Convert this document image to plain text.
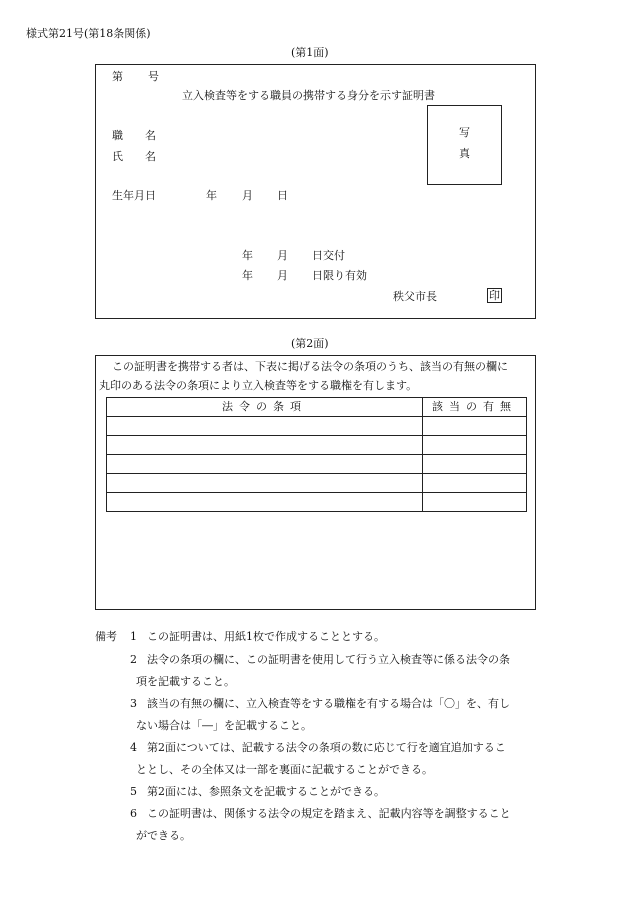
様式第21号(第18条関係)
(第1面)
第 号
立入検査等をする職員の携帯する身分を示す証明書
職　　名
氏　　名
写
真
生年月日	年 月 日
年 月 日交付
年 月 日限り有効
秩父市長	印
(第2面)
この証明書を携帯する者は、下表に掲げる法令の条項のうち、該当の有無の欄に
丸印のある法令の条項により立入検査等をする職権を有します。
法令の条項	該当の有無

備考 1 この証明書は、用紙1枚で作成することとする。
2 法令の条項の欄に、この証明書を使用して行う立入検査等に係る法令の条
項を記載すること。
3 該当の有無の欄に、立入検査等をする職権を有する場合は「〇」を、有し
ない場合は「―」を記載すること。
4 第2面については、記載する法令の条項の数に応じて行を適宜追加するこ
ととし、その全体又は一部を裏面に記載することができる。
5 第2面には、参照条文を記載することができる。
6 この証明書は、関係する法令の規定を踏まえ、記載内容等を調整すること
ができる。
